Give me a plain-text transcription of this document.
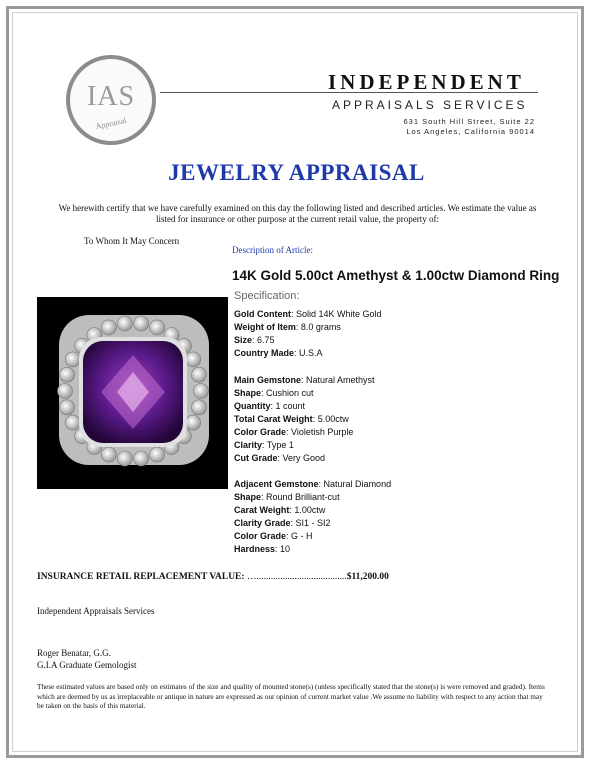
IAS
Appraisal
INDEPENDENT
APPRAISALS SERVICES
631 South Hill Street, Suite 22
Los Angeles, California 90014
JEWELRY APPRAISAL
We herewith certify that we have carefully examined on this day the following listed and described articles. We estimate the value as listed for insurance or other purpose at the current retail value, the property of:
To Whom It May Concern
Description of Article:
14K Gold 5.00ct Amethyst & 1.00ctw Diamond Ring
Specification:
Gold Content: Solid 14K White Gold
Weight of Item: 8.0 grams
Size: 6.75
Country Made: U.S.A
Main Gemstone: Natural Amethyst
Shape: Cushion cut
Quantity: 1 count
Total Carat Weight: 5.00ctw
Color Grade: Violetish Purple
Clarity: Type 1
Cut Grade: Very Good
Adjacent Gemstone: Natural Diamond
Shape: Round Brilliant-cut
Carat Weight: 1.00ctw
Clarity Grade: SI1 - SI2
Color Grade: G - H
Hardness: 10
INSURANCE RETAIL REPLACEMENT VALUE: …......................................$11,200.00
Independent Appraisals Services
Roger Benatar, G.G.
G.I.A Graduate Gemologist
These estimated values are based only on estimates of the size and quality of mounted stone(s) (unless specifically stated that the stone(s) is were removed and graded). Items which are deemed by us as irreplaceable or antique in nature are expressed as our opinion of current market value .We assume no liability with respect to any action that may be taken on the basis of this material.
